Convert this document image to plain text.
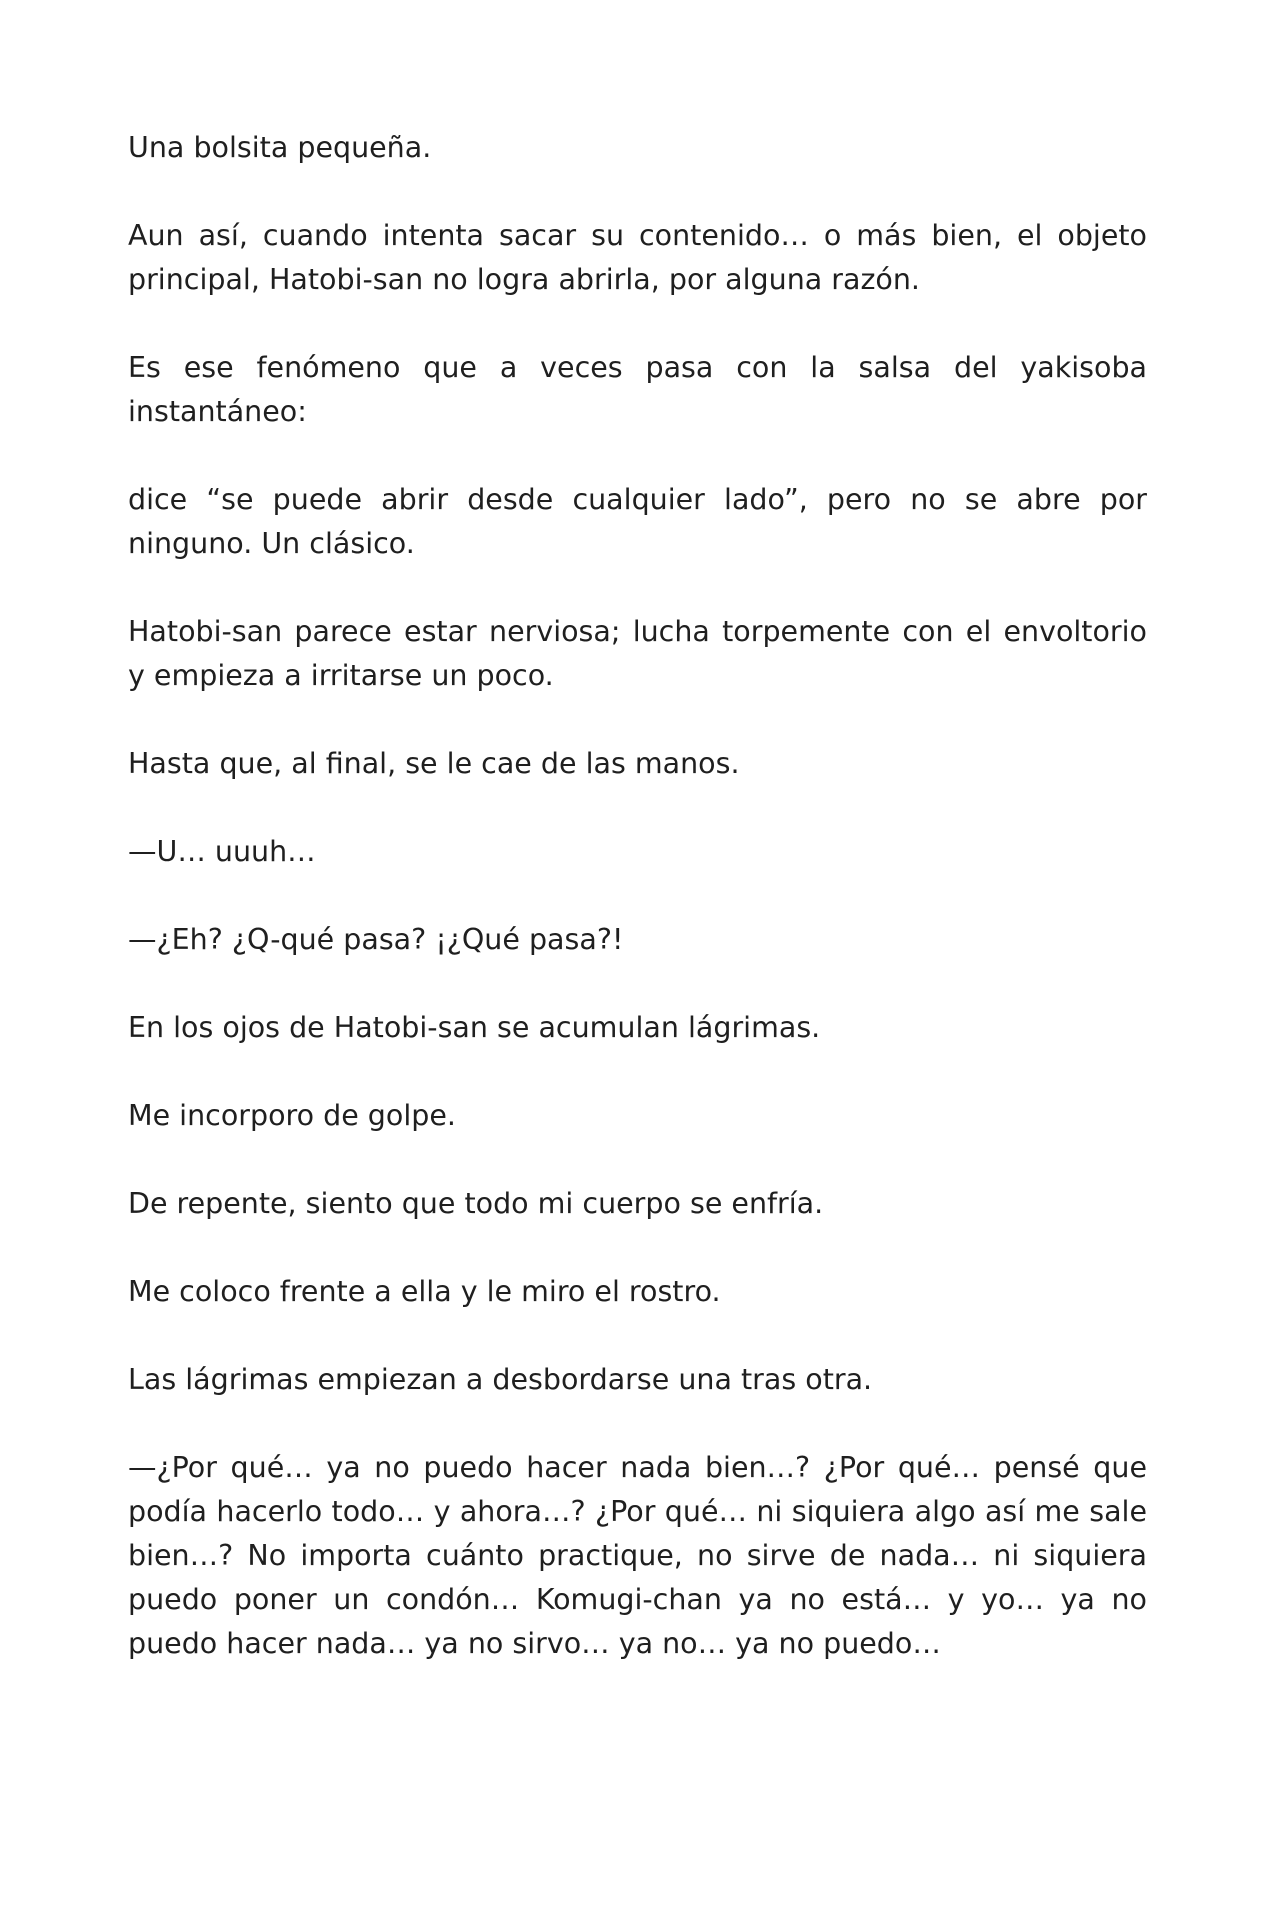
Una bolsita pequeña.

Aun así, cuando intenta sacar su contenido… o más bien, el objeto principal, Hatobi-san no logra abrirla, por alguna razón.

Es ese fenómeno que a veces pasa con la salsa del yakisoba instantáneo:

dice “se puede abrir desde cualquier lado”, pero no se abre por ninguno. Un clásico.

Hatobi-san parece estar nerviosa; lucha torpemente con el envoltorio y empieza a irritarse un poco.

Hasta que, al final, se le cae de las manos.

—U… uuuh…

—¿Eh? ¿Q-qué pasa? ¡¿Qué pasa?!

En los ojos de Hatobi-san se acumulan lágrimas.

Me incorporo de golpe.

De repente, siento que todo mi cuerpo se enfría.

Me coloco frente a ella y le miro el rostro.

Las lágrimas empiezan a desbordarse una tras otra.

—¿Por qué… ya no puedo hacer nada bien…? ¿Por qué… pensé que podía hacerlo todo… y ahora…? ¿Por qué… ni siquiera algo así me sale bien…? No importa cuánto practique, no sirve de nada… ni siquiera puedo poner un condón… Komugi-chan ya no está… y yo… ya no puedo hacer nada… ya no sirvo… ya no… ya no puedo…
